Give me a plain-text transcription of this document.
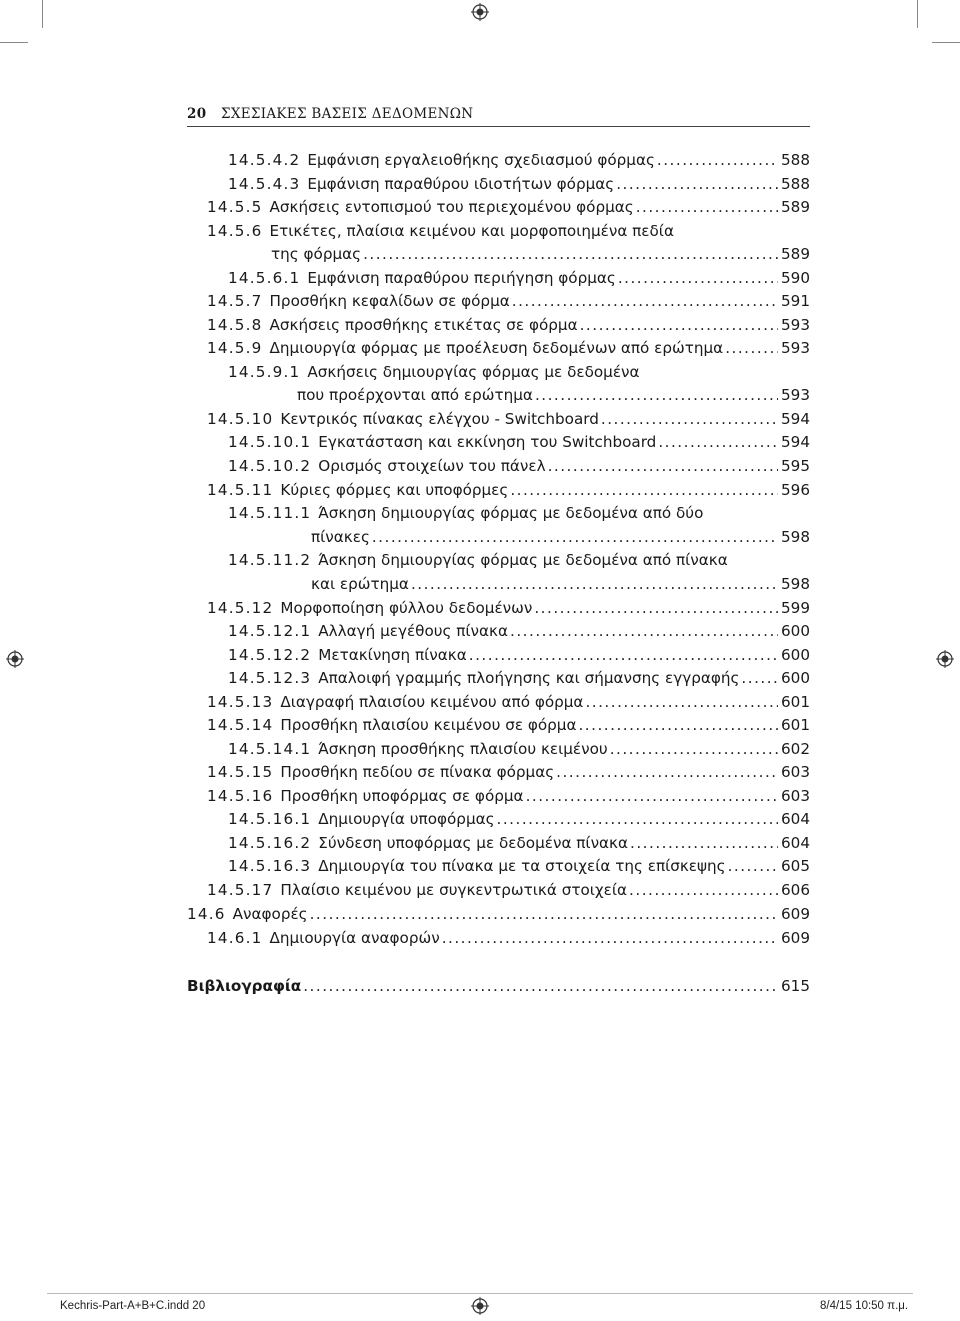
20 ΣΧΕΣΙΑΚΕΣ ΒΑΣΕΙΣ ΔΕΔΟΜΕΝΩΝ
14.5.4.2 Εμφάνιση εργαλειοθήκης σχεδιασμού φόρμας .....	588
14.5.4.3 Εμφάνιση παραθύρου ιδιοτήτων φόρμας .....	588
14.5.5 Ασκήσεις εντοπισμού του περιεχομένου φόρμας .....	589
14.5.6 Ετικέτες, πλαίσια κειμένου και μορφοποιημένα πεδία
της φόρμας .....	589
14.5.6.1 Εμφάνιση παραθύρου περιήγηση φόρμας .....	590
14.5.7 Προσθήκη κεφαλίδων σε φόρμα .....	591
14.5.8 Ασκήσεις προσθήκης ετικέτας σε φόρμα .....	593
14.5.9 Δημιουργία φόρμας με προέλευση δεδομένων από ερώτημα .....	593
14.5.9.1 Ασκήσεις δημιουργίας φόρμας με δεδομένα
που προέρχονται από ερώτημα .....	593
14.5.10 Κεντρικός πίνακας ελέγχου - Switchboard .....	594
14.5.10.1 Εγκατάσταση και εκκίνηση του Switchboard .....	594
14.5.10.2 Ορισμός στοιχείων του πάνελ .....	595
14.5.11 Κύριες φόρμες και υποφόρμες .....	596
14.5.11.1 Άσκηση δημιουργίας φόρμας με δεδομένα από δύο
πίνακες .....	598
14.5.11.2 Άσκηση δημιουργίας φόρμας με δεδομένα από πίνακα
και ερώτημα .....	598
14.5.12 Μορφοποίηση φύλλου δεδομένων .....	599
14.5.12.1 Αλλαγή μεγέθους πίνακα .....	600
14.5.12.2 Μετακίνηση πίνακα .....	600
14.5.12.3 Απαλοιφή γραμμής πλοήγησης και σήμανσης εγγραφής .....	600
14.5.13 Διαγραφή πλαισίου κειμένου από φόρμα .....	601
14.5.14 Προσθήκη πλαισίου κειμένου σε φόρμα .....	601
14.5.14.1 Άσκηση προσθήκης πλαισίου κειμένου .....	602
14.5.15 Προσθήκη πεδίου σε πίνακα φόρμας .....	603
14.5.16 Προσθήκη υποφόρμας σε φόρμα .....	603
14.5.16.1 Δημιουργία υποφόρμας .....	604
14.5.16.2 Σύνδεση υποφόρμας με δεδομένα πίνακα .....	604
14.5.16.3 Δημιουργία του πίνακα με τα στοιχεία της επίσκεψης .....	605
14.5.17 Πλαίσιο κειμένου με συγκεντρωτικά στοιχεία .....	606
14.6 Αναφορές .....	609
14.6.1 Δημιουργία αναφορών .....	609
Βιβλιογραφία .....	615
Kechris-Part-A+B+C.indd 20	8/4/15 10:50 π.μ.
